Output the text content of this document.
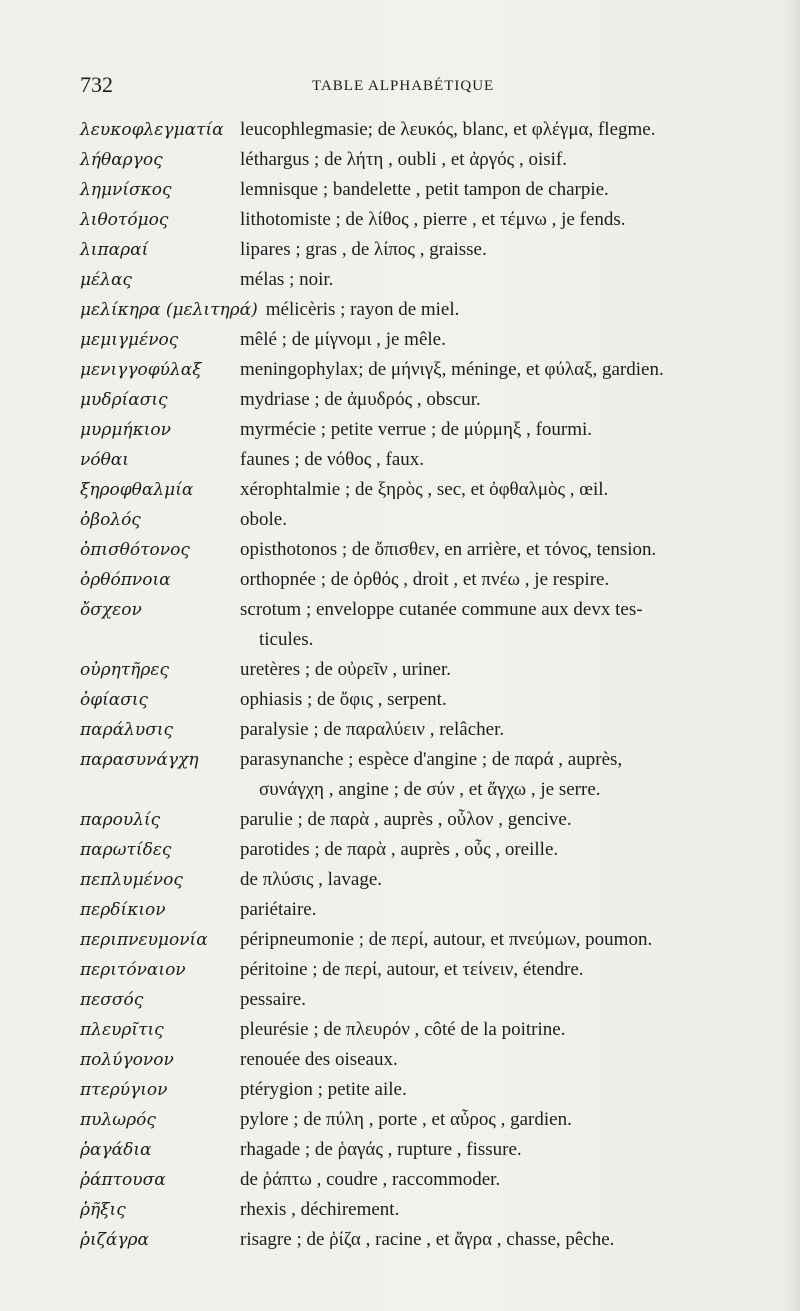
732	TABLE ALPHABÉTIQUE
λευκοφλεγματία leucophlegmasie; de λευκός, blanc, et φλέγμα, flegme.
λήθαργος	léthargus ; de λήτη , oubli , et ἀργός , oisif.
λημνίσκος	lemnisque ; bandelette , petit tampon de charpie.
λιθοτόμος	lithotomiste ; de λίθος , pierre , et τέμνω , je fends.
λιπαραί	lipares ; gras , de λίπος , graisse.
μέλας	mélas ; noir.
μελίκηρα (μελιτηρά) mélicèris ; rayon de miel.
μεμιγμένος	mêlé ; de μίγνομι , je mêle.
μενιγγοφύλαξ	meningophylax; de μήνιγξ, méninge, et φύλαξ, gardien.
μυδρίασις	mydriase ; de ἀμυδρός , obscur.
μυρμήκιον	myrmécie ; petite verrue ; de μύρμηξ , fourmi.
νόθαι	faunes ; de νόθος , faux.
ξηροφθαλμία	xérophtalmie ; de ξηρὸς , sec, et ὀφθαλμὸς , œil.
ὀβολός	obole.
ὀπισθότονος	opisthotonos ; de ὄπισθεν, en arrière, et τόνος, tension.
ὀρθόπνοια	orthopnée ; de ὀρθός , droit , et πνέω , je respire.
ὄσχεον	scrotum ; enveloppe cutanée commune aux devx tes-
ticules.
οὐρητῆρες	uretères ; de οὐρεῖν , uriner.
ὀφίασις	ophiasis ; de ὄφις , serpent.
παράλυσις	paralysie ; de παραλύειν , relâcher.
παρασυνάγχη	parasynanche ; espèce d'angine ; de παρά , auprès,
συνάγχη , angine ; de σύν , et ἄγχω , je serre.
παρουλίς	parulie ; de παρὰ , auprès , οὖλον , gencive.
παρωτίδες	parotides ; de παρὰ , auprès , οὖς , oreille.
πεπλυμένος	de πλύσις , lavage.
περδίκιον	pariétaire.
περιπνευμονία	péripneumonie ; de περί, autour, et πνεύμων, poumon.
περιτόναιον	péritoine ; de περί, autour, et τείνειν, étendre.
πεσσός	pessaire.
πλευρῖτις	pleurésie ; de πλευρόν , côté de la poitrine.
πολύγονον	renouée des oiseaux.
πτερύγιον	ptérygion ; petite aile.
πυλωρός	pylore ; de πύλη , porte , et αὖρος , gardien.
ῥαγάδια	rhagade ; de ῥαγάς , rupture , fissure.
ῥάπτουσα	de ῥάπτω , coudre , raccommoder.
ῥῆξις	rhexis , déchirement.
ῥιζάγρα	risagre ; de ῥίζα , racine , et ἄγρα , chasse, pêche.
